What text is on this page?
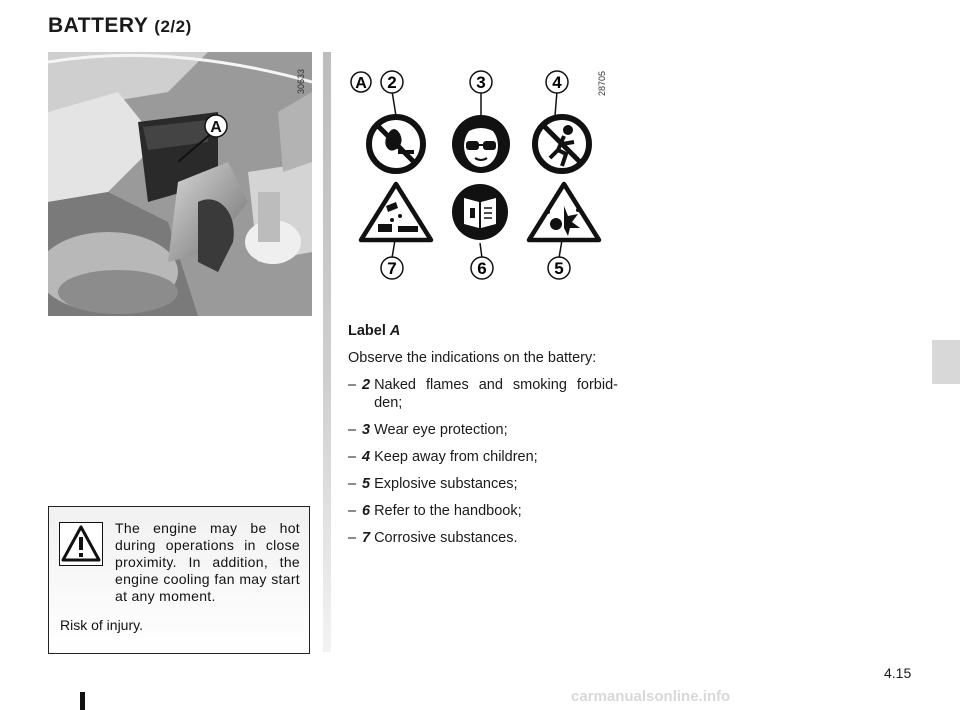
BATTERY (2/2)
A
30633	A 2	3	4
7	6	5
28705

Label A

Observe the indications on the battery:

– 2 Naked flames and smoking forbid-den;
– 3 Wear eye protection;
– 4 Keep away from children;
– 5 Explosive substances;
– 6 Refer to the handbook;
– 7 Corrosive substances.

The engine may be hot during operations in close proximity. In addition, the engine cooling fan may start at any moment.

Risk of injury.

4.15
carmanualsonline.info
